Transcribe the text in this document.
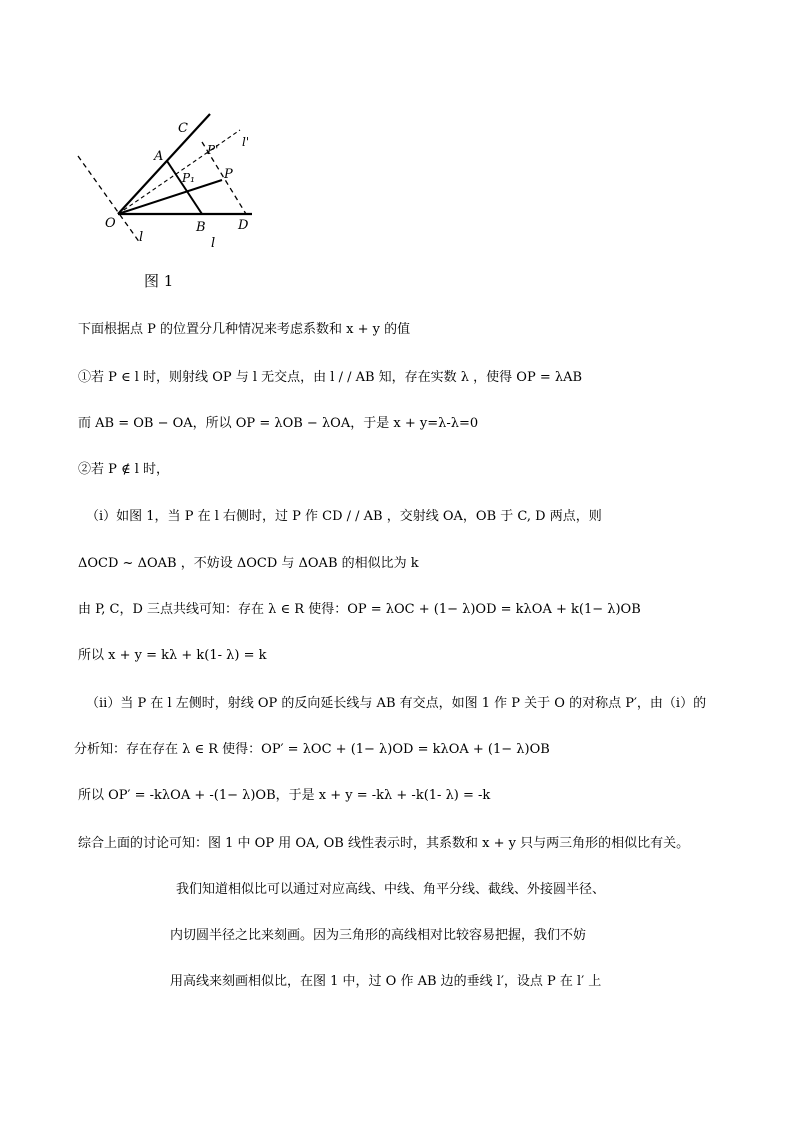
C
A	P'
l'
P₁ P
O	B D
l	l
图 1
下面根据点 P 的位置分几种情况来考虑系数和 x + y 的值
①若 P ∈ l 时，则射线 OP 与 l 无交点，由 l / / AB 知，存在实数 λ ，使得 OP = λAB
而 AB = OB − OA，所以 OP = λOB − λOA，于是 x + y=λ-λ=0
②若 P ∉ l 时，
（i）如图 1，当 P 在 l 右侧时，过 P 作 CD / / AB ，交射线 OA，OB 于 C, D 两点，则
ΔOCD ~ ΔOAB ，不妨设 ΔOCD 与 ΔOAB 的相似比为 k
由 P, C，D 三点共线可知：存在 λ ∈ R 使得：OP = λOC + (1− λ)OD = kλOA + k(1− λ)OB
所以 x + y = kλ + k(1- λ) = k
（ii）当 P 在 l 左侧时，射线 OP 的反向延长线与 AB 有交点，如图 1 作 P 关于 O 的对称点 P′，由（i）的
分析知：存在存在 λ ∈ R 使得：OP′ = λOC + (1− λ)OD = kλOA + (1− λ)OB
所以 OP′ = -kλOA + -(1− λ)OB，于是 x + y = -kλ + -k(1- λ) = -k
综合上面的讨论可知：图 1 中 OP 用 OA, OB 线性表示时，其系数和 x + y 只与两三角形的相似比有关。
我们知道相似比可以通过对应高线、中线、角平分线、截线、外接圆半径、
内切圆半径之比来刻画。因为三角形的高线相对比较容易把握，我们不妨
用高线来刻画相似比，在图 1 中，过 O 作 AB 边的垂线 l′，设点 P 在 l′ 上
